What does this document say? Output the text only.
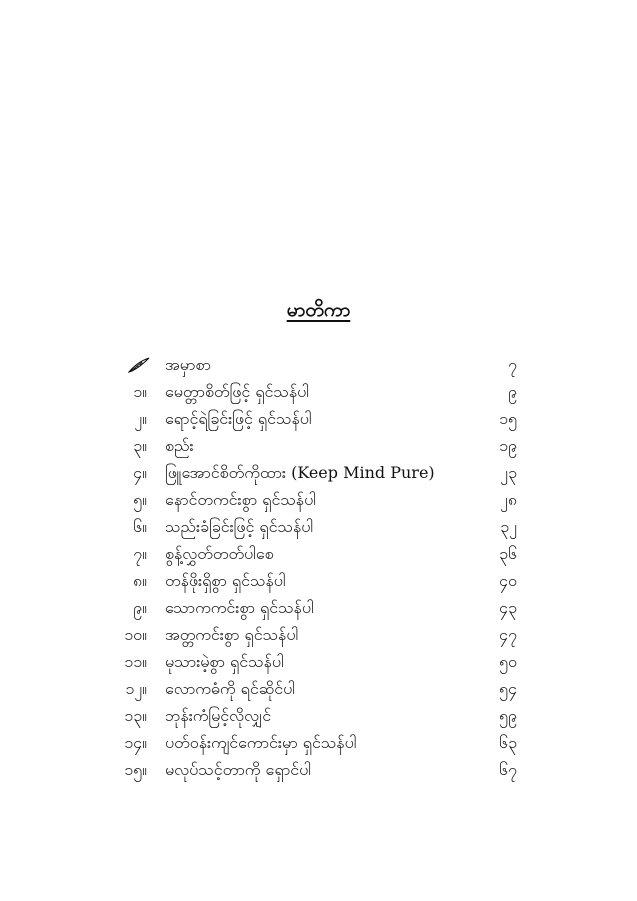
မာတိကာ
အမှာစာ	၇
၁။ မေတ္တာစိတ်ဖြင့် ရှင်သန်ပါ	၉
၂။ ရောင့်ရဲခြင်းဖြင့် ရှင်သန်ပါ	၁၅
၃။ စည်း	၁၉
၄။ ဖြူအောင်စိတ်ကိုထား (Keep Mind Pure)	၂၃
၅။ နောင်တကင်းစွာ ရှင်သန်ပါ	၂၈
၆။ သည်းခံခြင်းဖြင့် ရှင်သန်ပါ	၃၂
၇။ စွန့်လွှတ်တတ်ပါစေ	၃၆
၈။ တန်ဖိုးရှိစွာ ရှင်သန်ပါ	၄၀
၉။ သောကကင်းစွာ ရှင်သန်ပါ	၄၃
၁၀။ အတ္တကင်းစွာ ရှင်သန်ပါ	၄၇
၁၁။ မုသားမဲ့စွာ ရှင်သန်ပါ	၅၀
၁၂။ လောကဓံကို ရင်ဆိုင်ပါ	၅၄
၁၃။ ဘုန်းကံမြင့်လိုလျှင်	၅၉
၁၄။ ပတ်ဝန်းကျင်ကောင်းမှာ ရှင်သန်ပါ	၆၃
၁၅။ မလုပ်သင့်တာကို ရှောင်ပါ	၆၇
